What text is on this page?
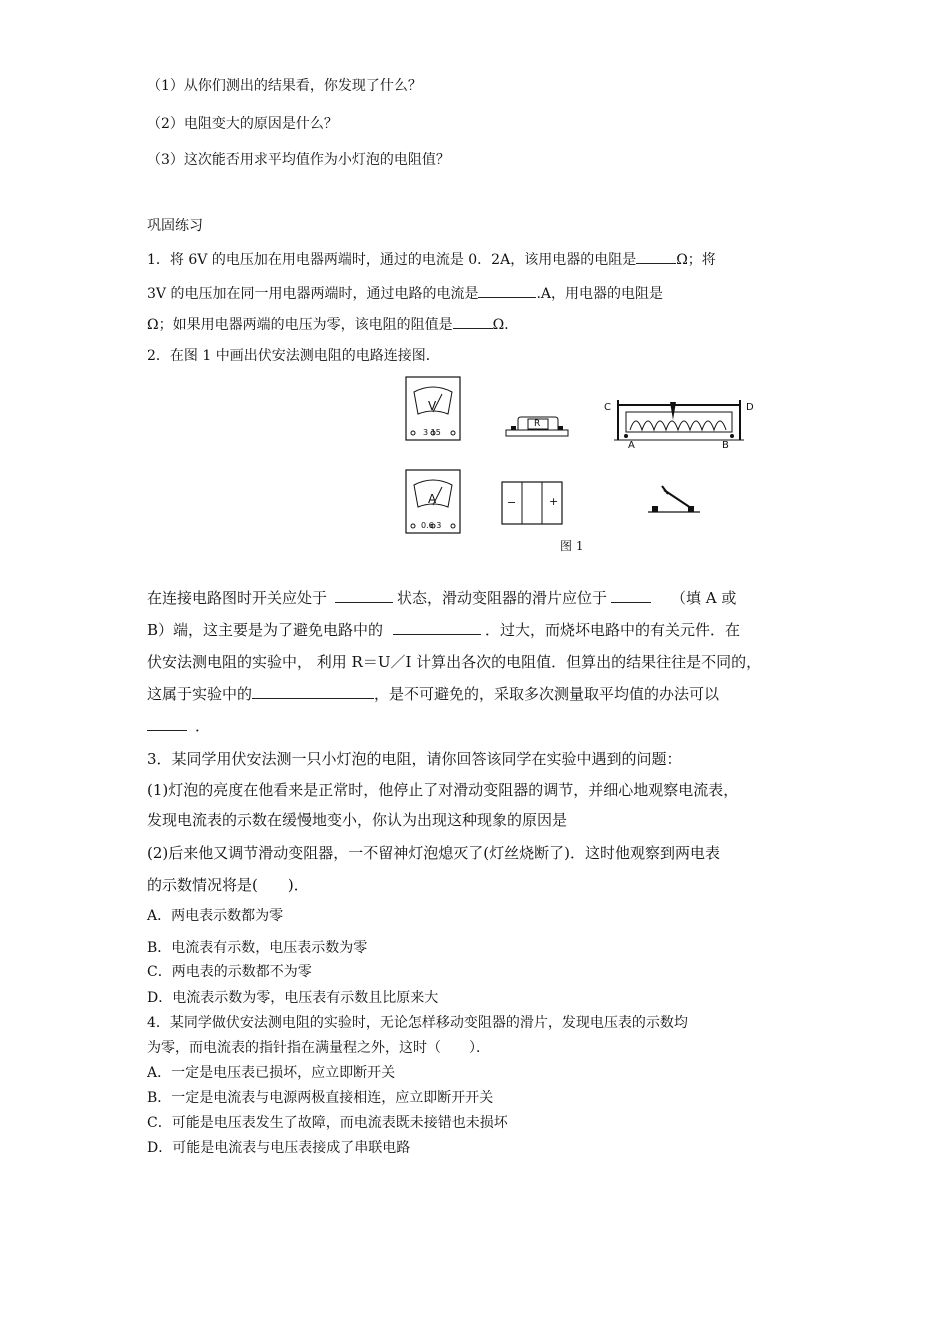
（1）从你们测出的结果看，你发现了什么？
（2）电阻变大的原因是什么？
（3）这次能否用求平均值作为小灯泡的电阻值？
巩固练习
1．将 6V 的电压加在用电器两端时，通过的电流是 0．2A，该用电器的电阻是	Ω；将
3V 的电压加在同一用电器两端时，通过电路的电流是	.A，用电器的电阻是
Ω；如果用电器两端的电压为零，该电阻的阻值是	Ω．
2．在图 1 中画出伏安法测电阻的电路连接图．
V
3 15
A
0.6 3
R
C	D
A	B
−	+
图 1
在连接电路图时开关应处于	状态，滑动变阻器的滑片应位于	（填 A 或
B）端，这主要是为了避免电路中的	．过大，而烧坏电路中的有关元件．在
伏安法测电阻的实验中， 利用 R＝U／I 计算出各次的电阻值．但算出的结果往往是不同的，
这属于实验中的	，是不可避免的，采取多次测量取平均值的办法可以
．
3．某同学用伏安法测一只小灯泡的电阻，请你回答该同学在实验中遇到的问题：
(1)灯泡的亮度在他看来是正常时，他停止了对滑动变阻器的调节，并细心地观察电流表，
发现电流表的示数在缓慢地变小，你认为出现这种现象的原因是
(2)后来他又调节滑动变阻器，一不留神灯泡熄灭了(灯丝烧断了)．这时他观察到两电表
的示数情况将是(　　)．
A．两电表示数都为零
B．电流表有示数，电压表示数为零
C．两电表的示数都不为零
D．电流表示数为零，电压表有示数且比原来大
4．某同学做伏安法测电阻的实验时，无论怎样移动变阻器的滑片，发现电压表的示数均
为零，而电流表的指针指在满量程之外，这时（　　）．
A．一定是电压表已损坏，应立即断开关
B．一定是电流表与电源两极直接相连，应立即断开开关
C．可能是电压表发生了故障，而电流表既未接错也未损坏
D．可能是电流表与电压表接成了串联电路
